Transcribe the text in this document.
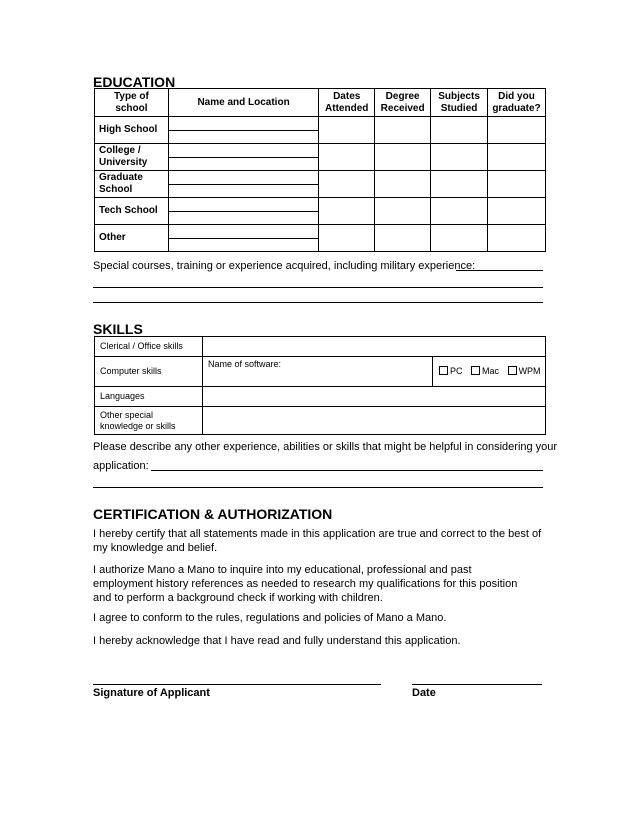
EDUCATION
Type of
school	Name and Location	Dates Attended	Degree Received	Subjects Studied	Did you graduate?
High School	

College /
University	

Graduate
School	

Tech School	

Other	

Special courses, training or experience acquired, including military experience:
SKILLS
Clerical / Office skills		
Computer skills	Name of software:	PC Mac WPM
Languages		
Other special
knowledge or skills		
Please describe any other experience, abilities or skills that might be helpful in considering your
application:
CERTIFICATION & AUTHORIZATION
I hereby certify that all statements made in this application are true and correct to the best of my knowledge and belief.
I authorize Mano a Mano to inquire into my educational, professional and past employment history references as needed to research my qualifications for this position and to perform a background check if working with children.
I agree to conform to the rules, regulations and policies of Mano a Mano.
I hereby acknowledge that I have read and fully understand this application.
Signature of Applicant	Date
